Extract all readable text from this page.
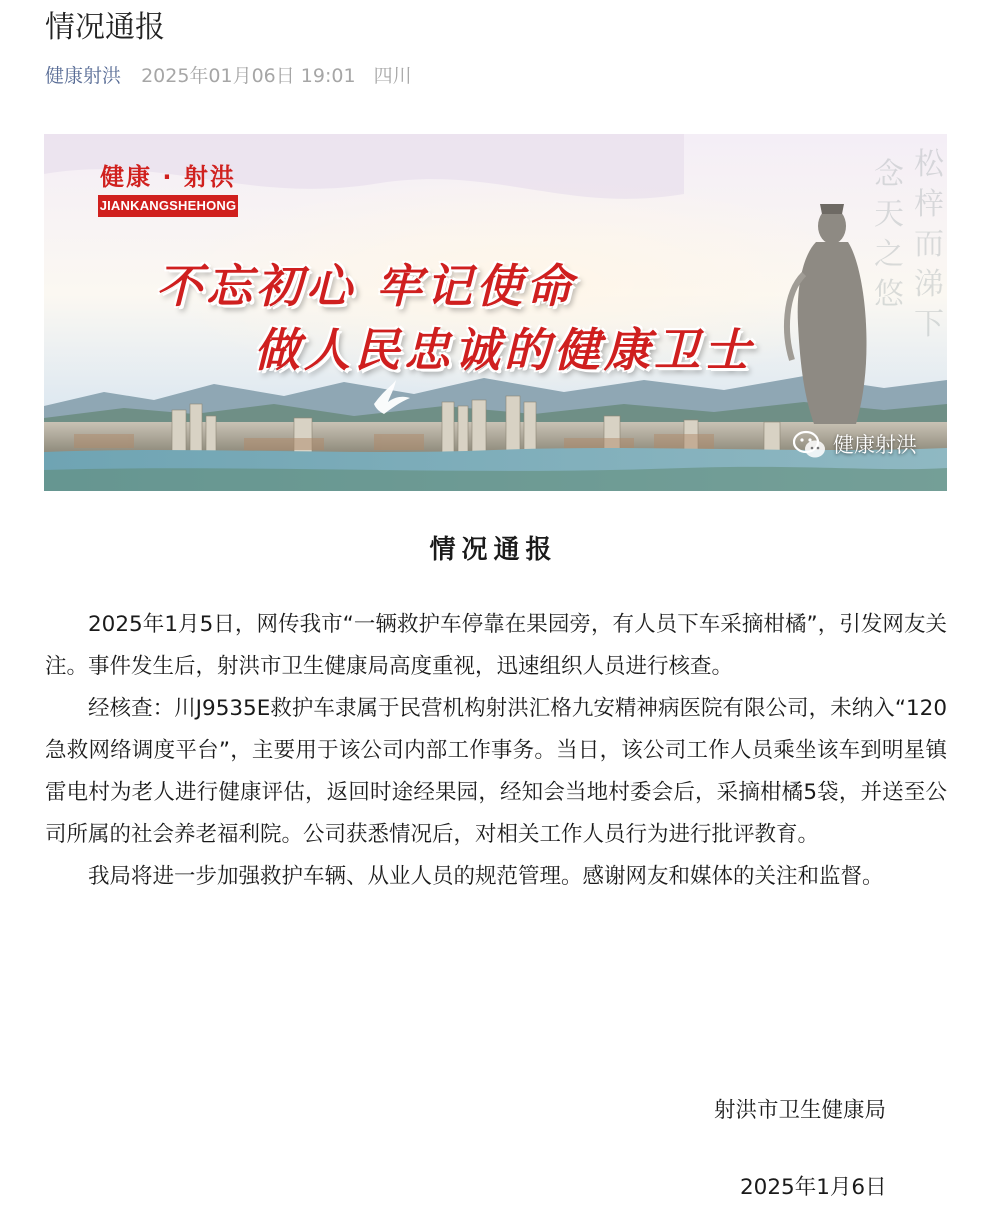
情况通报
健康射洪 2025年01月06日 19:01 四川
松
梓
而
涕
下
念
天
之
悠
健康 · 射洪
JIANKANGSHEHONG
不忘初心 牢记使命
做人民忠诚的健康卫士
健康射洪
情况通报

2025年1月5日，网传我市“一辆救护车停靠在果园旁，有人员下车采摘柑橘”，引发网友关注。事件发生后，射洪市卫生健康局高度重视，迅速组织人员进行核查。

经核查：川J9535E救护车隶属于民营机构射洪汇格九安精神病医院有限公司，未纳入“120急救网络调度平台”，主要用于该公司内部工作事务。当日，该公司工作人员乘坐该车到明星镇雷电村为老人进行健康评估，返回时途经果园，经知会当地村委会后，采摘柑橘5袋，并送至公司所属的社会养老福利院。公司获悉情况后，对相关工作人员行为进行批评教育。

我局将进一步加强救护车辆、从业人员的规范管理。感谢网友和媒体的关注和监督。

射洪市卫生健康局
2025年1月6日
